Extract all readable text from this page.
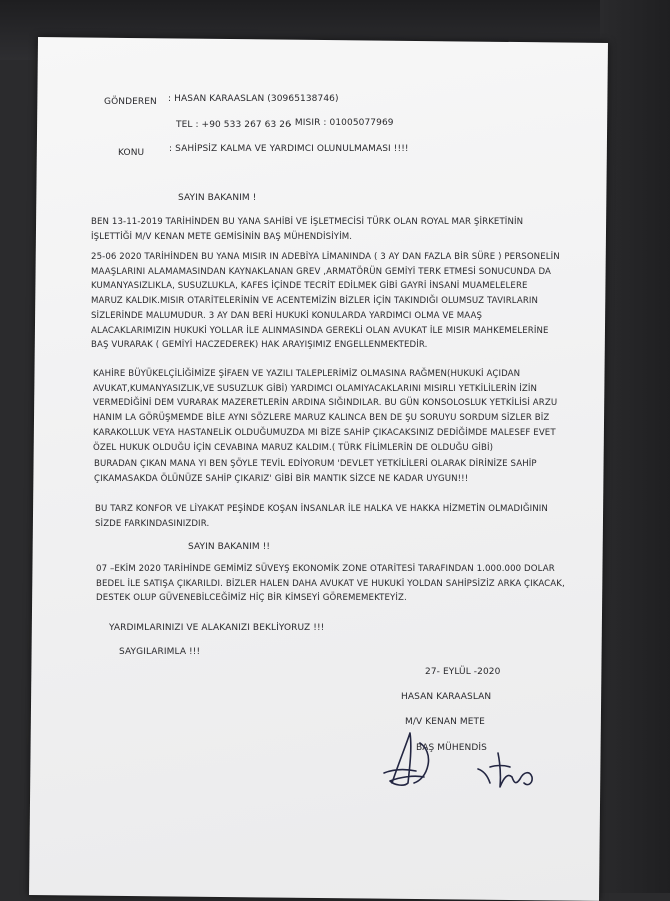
GÖNDEREN : HASAN KARAASLAN (30965138746)
TEL : +90 533 267 63 26
, MISIR : 01005077969
KONU	: SAHİPSİZ KALMA VE YARDIMCI OLUNULMAMASI !!!!
SAYIN BAKANIM !
BEN 13-11-2019 TARİHİNDEN BU YANA SAHİBİ VE İŞLETMECİSİ TÜRK OLAN ROYAL MAR ŞİRKETİNİN İŞLETTİĞİ M/V KENAN METE GEMİSİNİN BAŞ MÜHENDİSİYİM.
25-06 2020 TARİHİNDEN BU YANA MISIR IN ADEBİYA LİMANINDA ( 3 AY DAN FAZLA BİR SÜRE ) PERSONELİN MAAŞLARINI ALAMAMASINDAN KAYNAKLANAN GREV ,ARMATÖRÜN GEMİYİ TERK ETMESİ SONUCUNDA DA KUMANYASIZLIKLA, SUSUZLUKLA, KAFES İÇİNDE TECRİT EDİLMEK GİBİ GAYRİ İNSANİ MUAMELELERE MARUZ KALDIK.MISIR OTARİTELERİNİN VE ACENTEMİZİN BİZLER İÇİN TAKINDIĞI OLUMSUZ TAVIRLARIN SİZLERİNDE MALUMUDUR. 3 AY DAN BERİ HUKUKİ KONULARDA YARDIMCI OLMA VE MAAŞ ALACAKLARIMIZIN HUKUKİ YOLLAR İLE ALINMASINDA GEREKLİ OLAN AVUKAT İLE MISIR MAHKEMELERİNE BAŞ VURARAK ( GEMİYİ HACZEDEREK) HAK ARAYIŞIMIZ ENGELLENMEKTEDİR.
KAHİRE BÜYÜKELÇİLİĞİMİZE ŞİFAEN VE YAZILI TALEPLERİMİZ OLMASINA RAĞMEN(HUKUKİ AÇIDAN AVUKAT,KUMANYASIZLIK,VE SUSUZLUK GİBİ) YARDIMCI OLAMIYACAKLARINI MISIRLI YETKİLİLERİN İZİN VERMEDİĞİNİ DEM VURARAK MAZERETLERİN ARDINA SIĞINDILAR. BU GÜN KONSOLOSLUK YETKİLİSİ ARZU HANIM LA GÖRÜŞMEMDE BİLE AYNI SÖZLERE MARUZ KALINCA BEN DE ŞU SORUYU SORDUM SİZLER BİZ KARAKOLLUK VEYA HASTANELİK OLDUĞUMUZDA MI BİZE SAHİP ÇIKACAKSINIZ DEDİĞİMDE MALESEF EVET ÖZEL HUKUK OLDUĞU İÇİN CEVABINA MARUZ KALDIM.( TÜRK FİLİMLERİN DE OLDUĞU GİBİ)
BURADAN ÇIKAN MANA YI BEN ŞÖYLE TEVİL EDİYORUM 'DEVLET YETKİLİLERİ OLARAK DİRİNİZE SAHİP ÇIKAMASAKDA ÖLÜNÜZE SAHİP ÇIKARIZ' GİBİ BİR MANTIK SİZCE NE KADAR UYGUN!!!
BU TARZ KONFOR VE LİYAKAT PEŞİNDE KOŞAN İNSANLAR İLE HALKA VE HAKKA HİZMETİN OLMADIĞININ SİZDE FARKINDASINIZDIR.
SAYIN BAKANIM !!
07 –EKİM 2020 TARİHİNDE GEMİMİZ SÜVEYŞ EKONOMİK ZONE OTARİTESİ TARAFINDAN 1.000.000 DOLAR BEDEL İLE SATIŞA ÇIKARILDI. BİZLER HALEN DAHA AVUKAT VE HUKUKİ YOLDAN SAHİPSİZİZ ARKA ÇIKACAK, DESTEK OLUP GÜVENEBİLCEĞİMİZ HİÇ BİR KİMSEYİ GÖREMEMEKTEYİZ.
YARDIMLARINIZI VE ALAKANIZI BEKLİYORUZ !!!
SAYGILARIMLA !!!
27- EYLÜL -2020
HASAN KARAASLAN
M/V KENAN METE
BAŞ MÜHENDİS
